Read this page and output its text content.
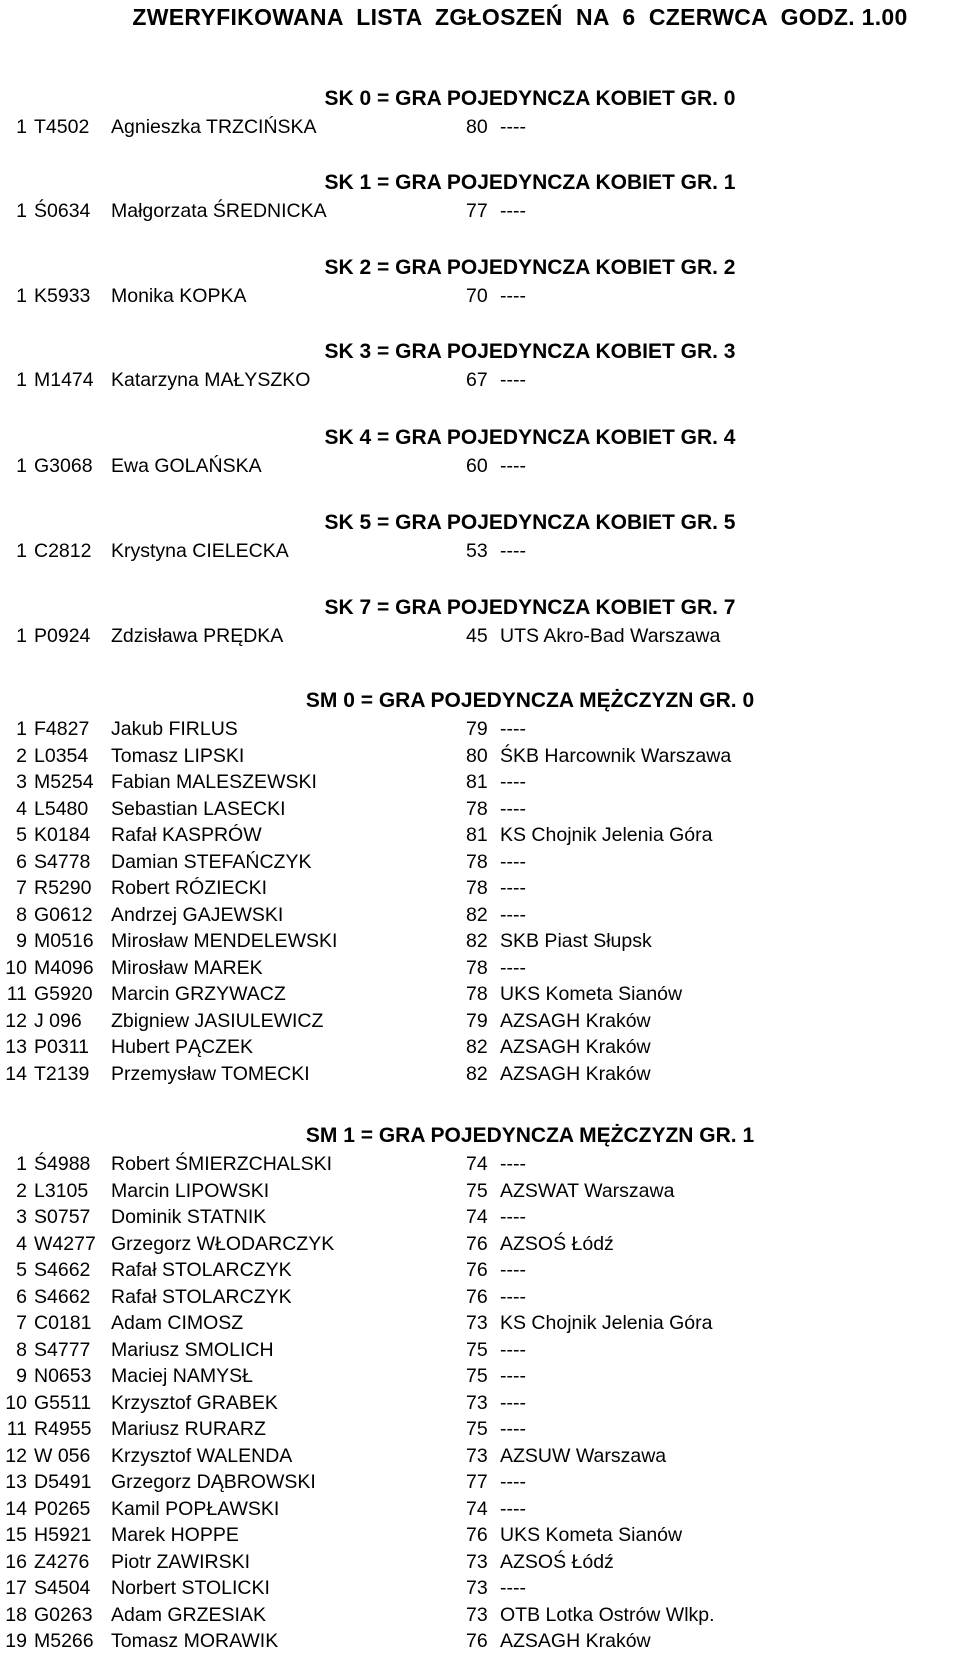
ZWERYFIKOWANA  LISTA  ZGŁOSZEŃ  NA  6  CZERWCA  GODZ. 1.00
SK 0 = GRA POJEDYNCZA KOBIET GR. 0
1 T4502 Agnieszka TRZCIŃSKA	80 ----
SK 1 = GRA POJEDYNCZA KOBIET GR. 1
1 Ś0634 Małgorzata ŚREDNICKA	77 ----
SK 2 = GRA POJEDYNCZA KOBIET GR. 2
1 K5933 Monika KOPKA	70 ----
SK 3 = GRA POJEDYNCZA KOBIET GR. 3
1 M1474 Katarzyna MAŁYSZKO	67 ----
SK 4 = GRA POJEDYNCZA KOBIET GR. 4
1 G3068 Ewa GOLAŃSKA	60 ----
SK 5 = GRA POJEDYNCZA KOBIET GR. 5
1 C2812 Krystyna CIELECKA	53 ----
SK 7 = GRA POJEDYNCZA KOBIET GR. 7
1 P0924 Zdzisława PRĘDKA	45 UTS Akro-Bad Warszawa
SM 0 = GRA POJEDYNCZA MĘŻCZYZN GR. 0
1 F4827 Jakub FIRLUS	79 ----
2 L0354 Tomasz LIPSKI	80 ŚKB Harcownik Warszawa
3 M5254 Fabian MALESZEWSKI	81 ----
4 L5480 Sebastian LASECKI	78 ----
5 K0184 Rafał KASPRÓW	81 KS Chojnik Jelenia Góra
6 S4778 Damian STEFAŃCZYK	78 ----
7 R5290 Robert RÓZIECKI	78 ----
8 G0612 Andrzej GAJEWSKI	82 ----
9 M0516 Mirosław MENDELEWSKI	82 SKB Piast Słupsk
10 M4096 Mirosław MAREK	78 ----
11 G5920 Marcin GRZYWACZ	78 UKS Kometa Sianów
12 J 096 Zbigniew JASIULEWICZ	79 AZSAGH Kraków
13 P0311 Hubert PĄCZEK	82 AZSAGH Kraków
14 T2139 Przemysław TOMECKI	82 AZSAGH Kraków
SM 1 = GRA POJEDYNCZA MĘŻCZYZN GR. 1
1 Ś4988 Robert ŚMIERZCHALSKI	74 ----
2 L3105 Marcin LIPOWSKI	75 AZSWAT Warszawa
3 S0757 Dominik STATNIK	74 ----
4 W4277 Grzegorz WŁODARCZYK	76 AZSOŚ Łódź
5 S4662 Rafał STOLARCZYK	76 ----
6 S4662 Rafał STOLARCZYK	76 ----
7 C0181 Adam CIMOSZ	73 KS Chojnik Jelenia Góra
8 S4777 Mariusz SMOLICH	75 ----
9 N0653 Maciej NAMYSŁ	75 ----
10 G5511 Krzysztof GRABEK	73 ----
11 R4955 Mariusz RURARZ	75 ----
12 W 056 Krzysztof WALENDA	73 AZSUW Warszawa
13 D5491 Grzegorz DĄBROWSKI	77 ----
14 P0265 Kamil POPŁAWSKI	74 ----
15 H5921 Marek HOPPE	76 UKS Kometa Sianów
16 Z4276 Piotr ZAWIRSKI	73 AZSOŚ Łódź
17 S4504 Norbert STOLICKI	73 ----
18 G0263 Adam GRZESIAK	73 OTB Lotka Ostrów Wlkp.
19 M5266 Tomasz MORAWIK	76 AZSAGH Kraków
